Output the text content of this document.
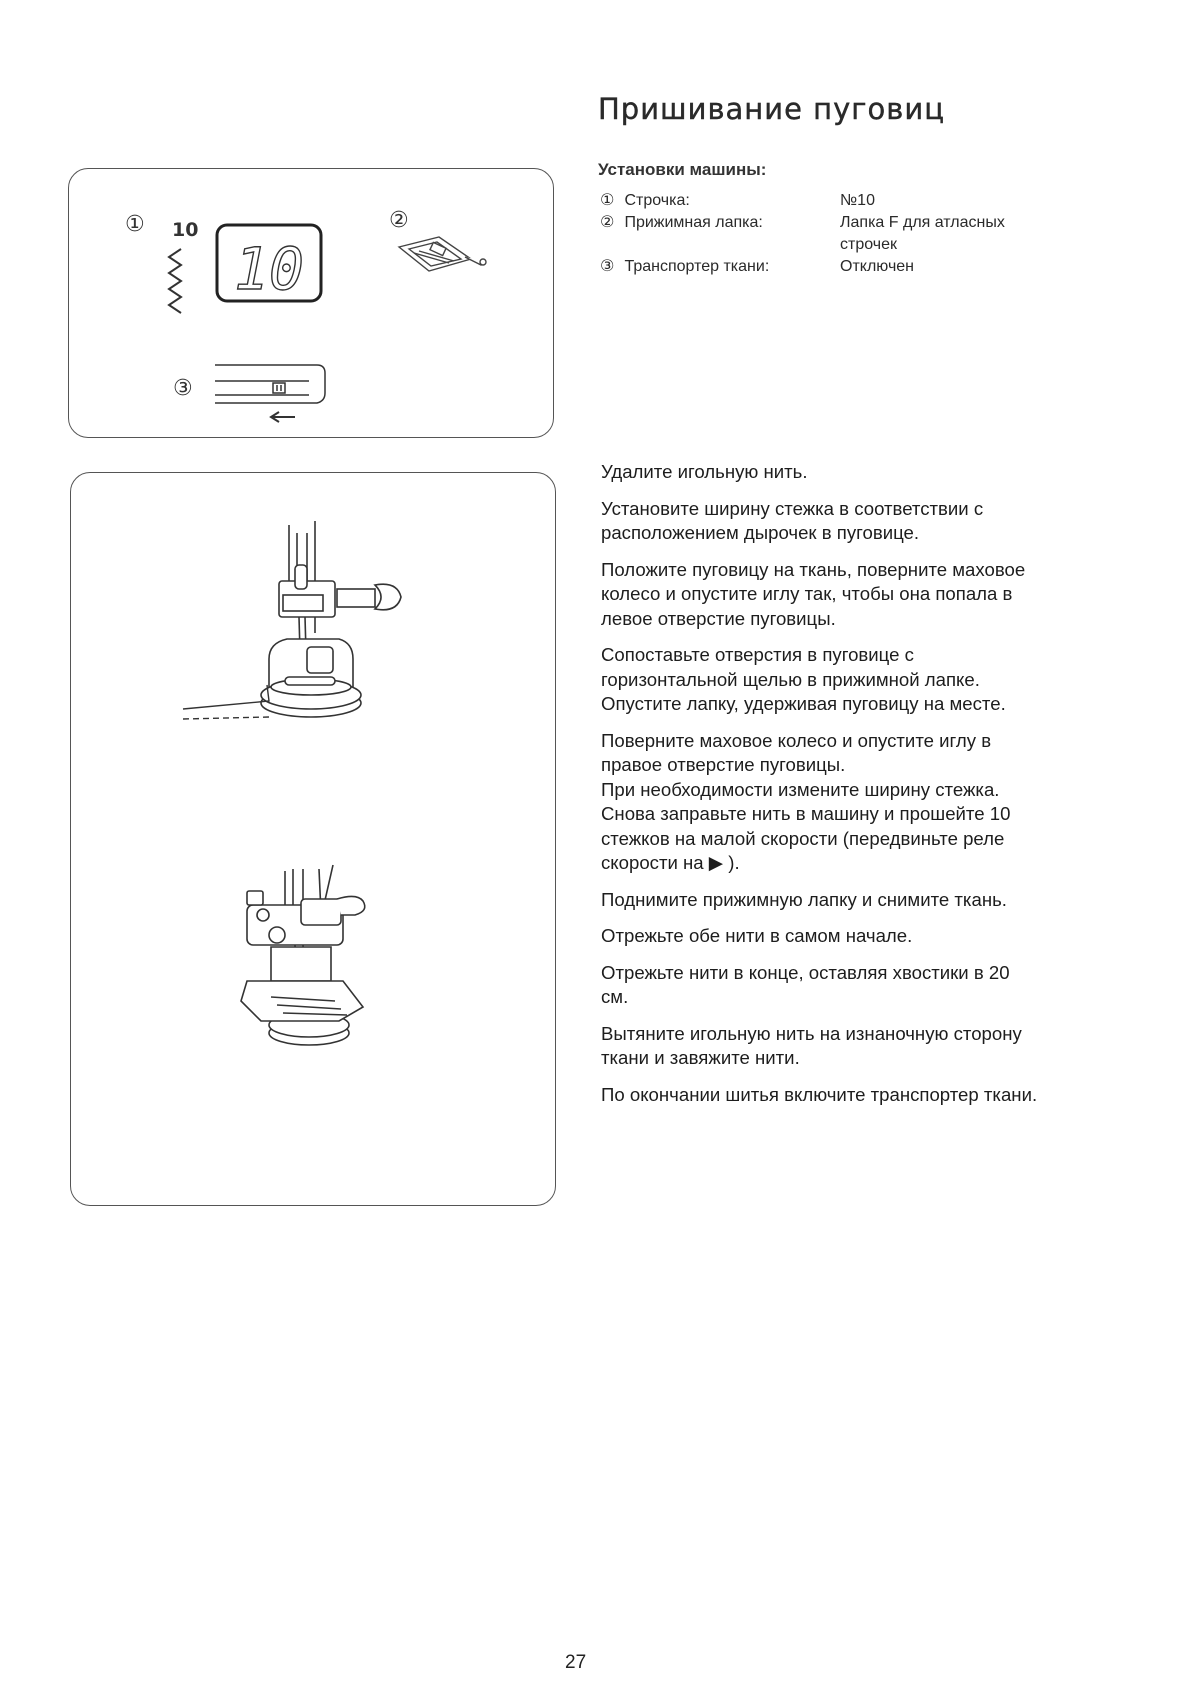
Пришивание пуговиц
Установки машины:
① Строчка:	№10
② Прижимная лапка:	Лапка F для атласных строчек
③ Транспортер ткани:	Отключен
①	②
③
10
10

Удалите игольную нить.

Установите ширину стежка в соответствии с
расположением дырочек в пуговице.

Положите пуговицу на ткань, поверните маховое
колесо и опустите иглу так, чтобы она попала в
левое отверстие пуговицы.

Сопоставьте отверстия в пуговице с
горизонтальной щелью в прижимной лапке.
Опустите лапку, удерживая пуговицу на месте.

Поверните маховое колесо и опустите иглу в
правое отверстие пуговицы.
При необходимости измените ширину стежка.
Снова заправьте нить в машину и прошейте 10
стежков на малой скорости (передвиньте реле
скорости на ▶ ).

Поднимите прижимную лапку и снимите ткань.

Отрежьте обе нити в самом начале.

Отрежьте нити в конце, оставляя хвостики в 20
см.

Вытяните игольную нить на изнаночную сторону
ткани и завяжите нити.

По окончании шитья включите транспортер ткани.

27
